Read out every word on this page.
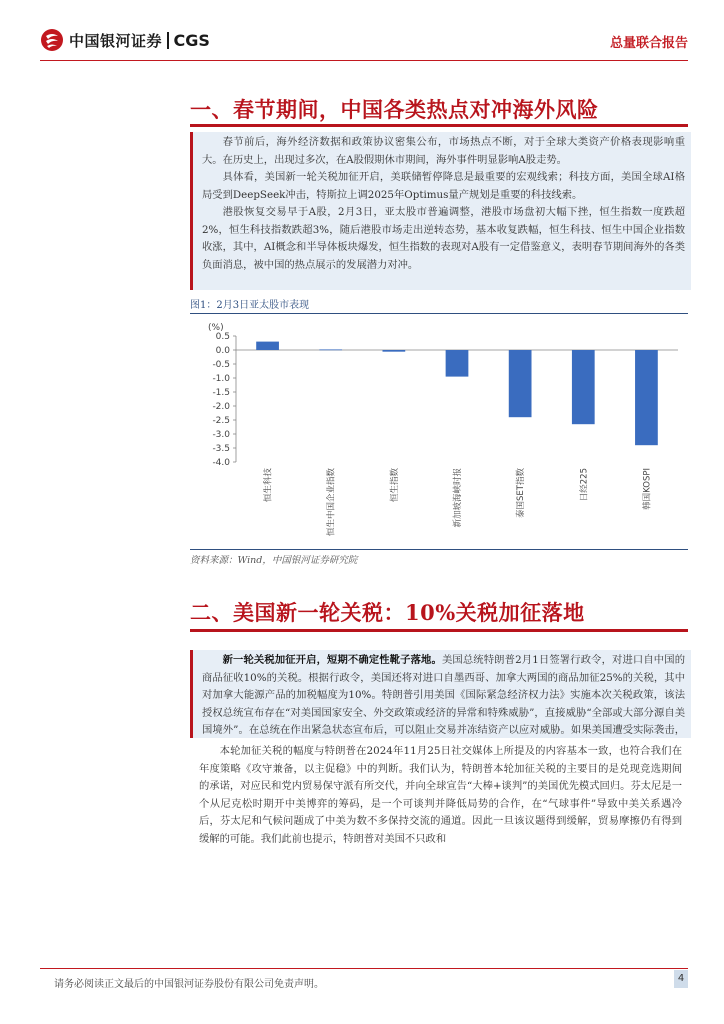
中国银河证券 CGS	总量联合报告
一、春节期间，中国各类热点对冲海外风险

春节前后，海外经济数据和政策协议密集公布，市场热点不断，对于全球大类资产价格表现影响重大。在历史上，出现过多次，在A股假期休市期间，海外事件明显影响A股走势。

具体看，美国新一轮关税加征开启，美联储暂停降息是最重要的宏观线索；科技方面，美国全球AI格局受到DeepSeek冲击，特斯拉上调2025年Optimus量产规划是重要的科技线索。

港股恢复交易早于A股，2月3日，亚太股市普遍调整，港股市场盘初大幅下挫，恒生指数一度跌超2%，恒生科技指数跌超3%，随后港股市场走出逆转态势，基本收复跌幅，恒生科技、恒生中国企业指数收涨，其中，AI概念和半导体板块爆发，恒生指数的表现对A股有一定借鉴意义，表明春节期间海外的各类负面消息，被中国的热点展示的发展潜力对冲。

图1：2月3日亚太股市表现
(%)
0.5
0.0
-0.5
-1.0
-1.5
-2.0
-2.5
-3.0
-3.5
-4.0
恒生科技	恒生中国企业指数	恒生指数	新加坡海峡时报	泰国SET指数	日经225	韩国KOSPI
资料来源：Wind，中国银河证券研究院
二、美国新一轮关税：10%关税加征落地

新一轮关税加征开启，短期不确定性靴子落地。美国总统特朗普2月1日签署行政令，对进口自中国的商品征收10%的关税。根据行政令，美国还将对进口自墨西哥、加拿大两国的商品加征25%的关税，其中对加拿大能源产品的加税幅度为10%。特朗普引用美国《国际紧急经济权力法》实施本次关税政策，该法授权总统宣布存在“对美国国家安全、外交政策或经济的异常和特殊威胁”，直接威胁“全部或大部分源自美国境外”。在总统在作出紧急状态宣布后，可以阻止交易并冻结资产以应对威胁。如果美国遭受实际袭击，

本轮加征关税的幅度与特朗普在2024年11月25日社交媒体上所提及的内容基本一致，也符合我们在年度策略《攻守兼备，以主促稳》中的判断。我们认为，特朗普本轮加征关税的主要目的是兑现竞选期间的承诺，对应民和党内贸易保守派有所交代，并向全球宣告“大棒+谈判”的美国优先模式回归。芬太尼是一个从尼克松时期开中美博弈的筹码，是一个可谈判并降低局势的合作，在“气球事件”导致中美关系遇冷后，芬太尼和气候问题成了中美为数不多保持交流的通道。因此一旦该议题得到缓解，贸易摩擦仍有得到缓解的可能。我们此前也提示，特朗普对美国不只政和

请务必阅读正文最后的中国银河证券股份有限公司免责声明。
4
